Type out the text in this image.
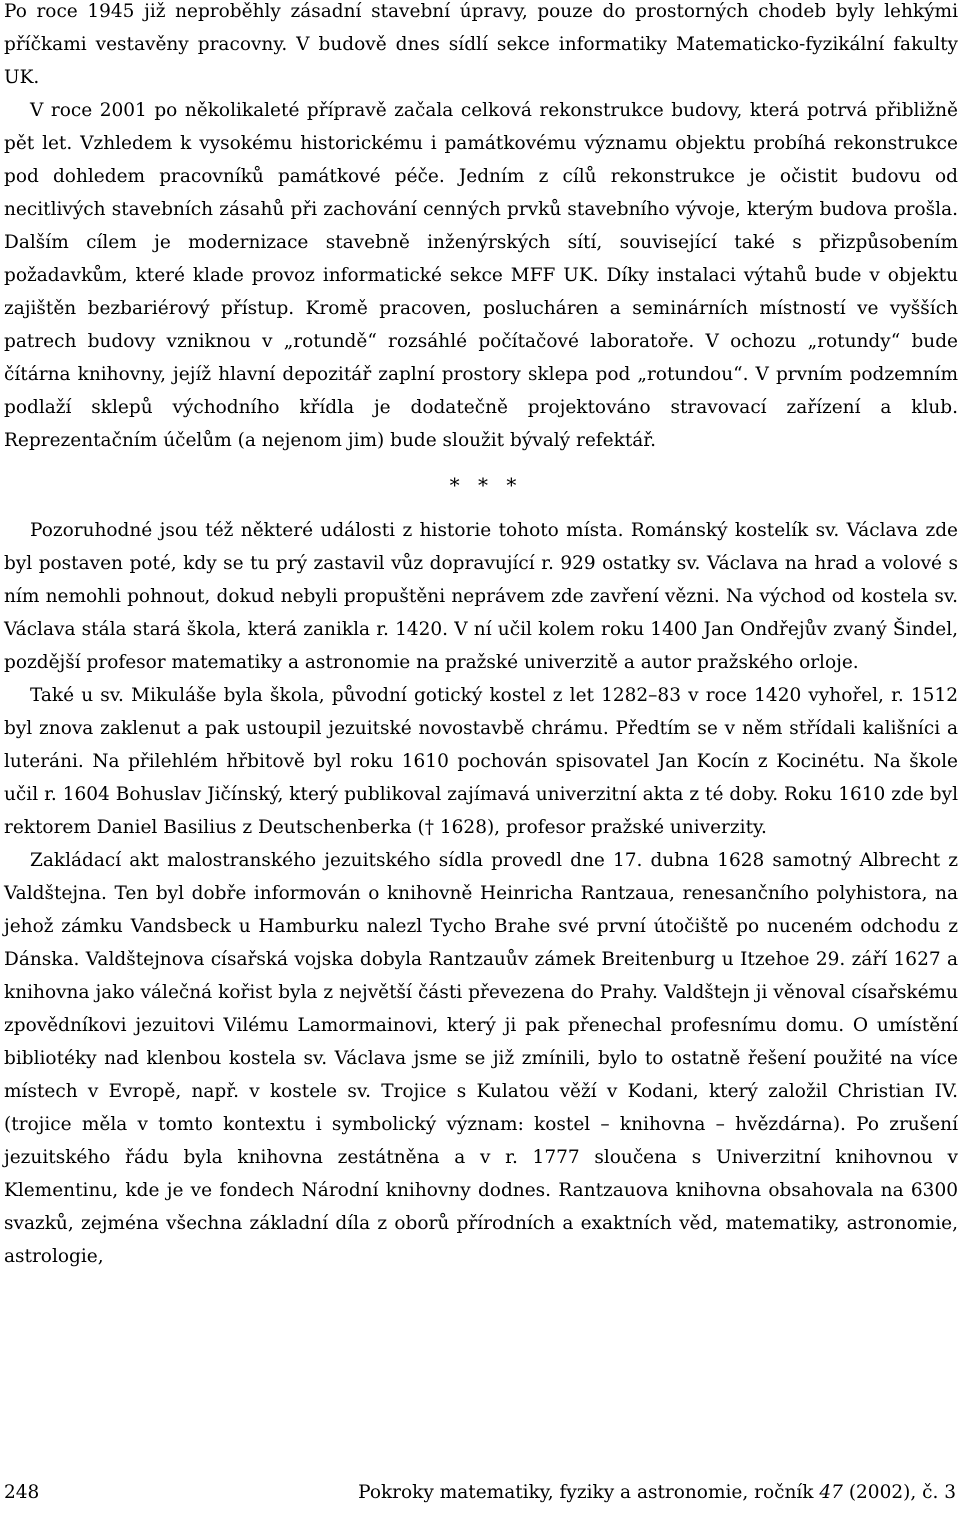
Po roce 1945 již neproběhly zásadní stavební úpravy, pouze do prostorných chodeb byly lehkými příčkami vestavěny pracovny. V budově dnes sídlí sekce informatiky Matematicko-fyzikální fakulty UK.

V roce 2001 po několikaleté přípravě začala celková rekonstrukce budovy, která potrvá přibližně pět let. Vzhledem k vysokému historickému i památkovému významu objektu probíhá rekonstrukce pod dohledem pracovníků památkové péče. Jedním z cílů rekonstrukce je očistit budovu od necitlivých stavebních zásahů při zachování cenných prvků stavebního vývoje, kterým budova prošla. Dalším cílem je modernizace stavebně inženýrských sítí, související také s přizpůsobením požadavkům, které klade provoz informatické sekce MFF UK. Díky instalaci výtahů bude v objektu zajištěn bezbariérový přístup. Kromě pracoven, poslucháren a seminárních místností ve vyšších patrech budovy vzniknou v „rotundě“ rozsáhlé počítačové laboratoře. V ochozu „rotundy“ bude čítárna knihovny, jejíž hlavní depozitář zaplní prostory sklepa pod „rotundou“. V prvním podzemním podlaží sklepů východního křídla je dodatečně projektováno stravovací zařízení a klub. Reprezentačním účelům (a nejenom jim) bude sloužit bývalý refektář.

* * *

Pozoruhodné jsou též některé události z historie tohoto místa. Románský kostelík sv. Václava zde byl postaven poté, kdy se tu prý zastavil vůz dopravující r. 929 ostatky sv. Václava na hrad a volové s ním nemohli pohnout, dokud nebyli propuštěni neprávem zde zavření vězni. Na východ od kostela sv. Václava stála stará škola, která zanikla r. 1420. V ní učil kolem roku 1400 Jan Ondřejův zvaný Šindel, pozdější profesor matematiky a astronomie na pražské univerzitě a autor pražského orloje.

Také u sv. Mikuláše byla škola, původní gotický kostel z let 1282–83 v roce 1420 vyhořel, r. 1512 byl znova zaklenut a pak ustoupil jezuitské novostavbě chrámu. Předtím se v něm střídali kališníci a luteráni. Na přilehlém hřbitově byl roku 1610 pochován spisovatel Jan Kocín z Kocinétu. Na škole učil r. 1604 Bohuslav Jičínský, který publikoval zajímavá univerzitní akta z té doby. Roku 1610 zde byl rektorem Daniel Basilius z Deutschenberka († 1628), profesor pražské univerzity.

Zakládací akt malostranského jezuitského sídla provedl dne 17. dubna 1628 samotný Albrecht z Valdštejna. Ten byl dobře informován o knihovně Heinricha Rantzaua, renesančního polyhistora, na jehož zámku Vandsbeck u Hamburku nalezl Tycho Brahe své první útočiště po nuceném odchodu z Dánska. Valdštejnova císařská vojska dobyla Rantzauův zámek Breitenburg u Itzehoe 29. září 1627 a knihovna jako válečná kořist byla z největší části převezena do Prahy. Valdštejn ji věnoval císařskému zpovědníkovi jezuitovi Vilému Lamormainovi, který ji pak přenechal profesnímu domu. O umístění bibliotéky nad klenbou kostela sv. Václava jsme se již zmínili, bylo to ostatně řešení použité na více místech v Evropě, např. v kostele sv. Trojice s Kulatou věží v Kodani, který založil Christian IV. (trojice měla v tomto kontextu i symbolický význam: kostel – knihovna – hvězdárna). Po zrušení jezuitského řádu byla knihovna zestátněna a v r. 1777 sloučena s Univerzitní knihovnou v Klementinu, kde je ve fondech Národní knihovny dodnes. Rantzauova knihovna obsahovala na 6300 svazků, zejména všechna základní díla z oborů přírodních a exaktních věd, matematiky, astronomie, astrologie,

248	Pokroky matematiky, fyziky a astronomie, ročník 47 (2002), č. 3
